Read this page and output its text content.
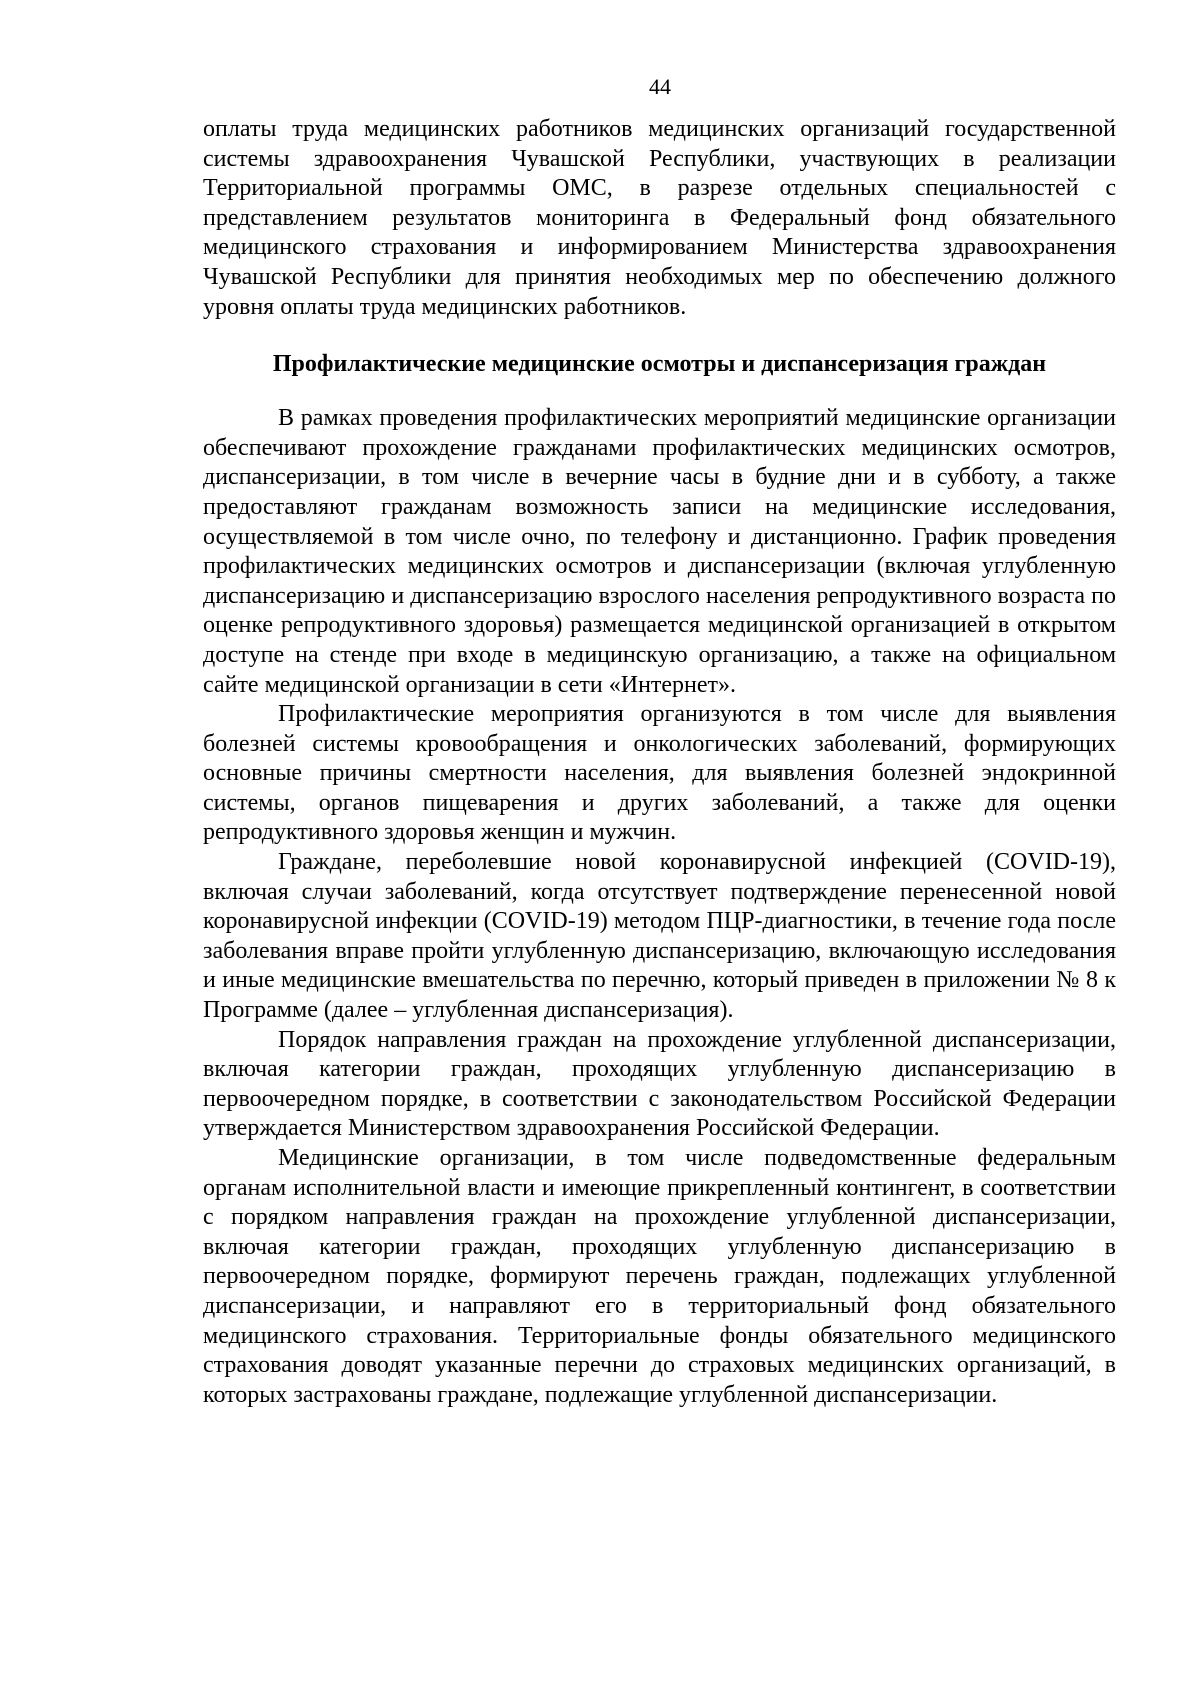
44

оплаты труда медицинских работников медицинских организаций государственной системы здравоохранения Чувашской Республики, участвующих в реализации Территориальной программы ОМС, в разрезе отдельных специальностей с представлением результатов мониторинга в Федеральный фонд обязательного медицинского страхования и информированием Министерства здравоохранения Чувашской Республики для принятия необходимых мер по обеспечению должного уровня оплаты труда медицинских работников.

Профилактические медицинские осмотры и диспансеризация граждан

В рамках проведения профилактических мероприятий медицинские организации обеспечивают прохождение гражданами профилактических медицинских осмотров, диспансеризации, в том числе в вечерние часы в будние дни и в субботу, а также предоставляют гражданам возможность записи на медицинские исследования, осуществляемой в том числе очно, по телефону и дистанционно. График проведения профилактических медицинских осмотров и диспансеризации (включая углубленную диспансеризацию и диспансеризацию взрослого населения репродуктивного возраста по оценке репродуктивного здоровья) размещается медицинской организацией в открытом доступе на стенде при входе в медицинскую организацию, а также на официальном сайте медицинской организации в сети «Интернет».

Профилактические мероприятия организуются в том числе для выявления болезней системы кровообращения и онкологических заболеваний, формирующих основные причины смертности населения, для выявления болезней эндокринной системы, органов пищеварения и других заболеваний, а также для оценки репродуктивного здоровья женщин и мужчин.

Граждане, переболевшие новой коронавирусной инфекцией (COVID-19), включая случаи заболеваний, когда отсутствует подтверждение перенесенной новой коронавирусной инфекции (COVID-19) методом ПЦР-диагностики, в течение года после заболевания вправе пройти углубленную диспансеризацию, включающую исследования и иные медицинские вмешательства по перечню, который приведен в приложении № 8 к Программе (далее – углубленная диспансеризация).

Порядок направления граждан на прохождение углубленной диспансеризации, включая категории граждан, проходящих углубленную диспансеризацию в первоочередном порядке, в соответствии с законодательством Российской Федерации утверждается Министерством здравоохранения Российской Федерации.

Медицинские организации, в том числе подведомственные федеральным органам исполнительной власти и имеющие прикрепленный контингент, в соответствии с порядком направления граждан на прохождение углубленной диспансеризации, включая категории граждан, проходящих углубленную диспансеризацию в первоочередном порядке, формируют перечень граждан, подлежащих углубленной диспансеризации, и направляют его в территориальный фонд обязательного медицинского страхования. Территориальные фонды обязательного медицинского страхования доводят указанные перечни до страховых медицинских организаций, в которых застрахованы граждане, подлежащие углубленной диспансеризации.
